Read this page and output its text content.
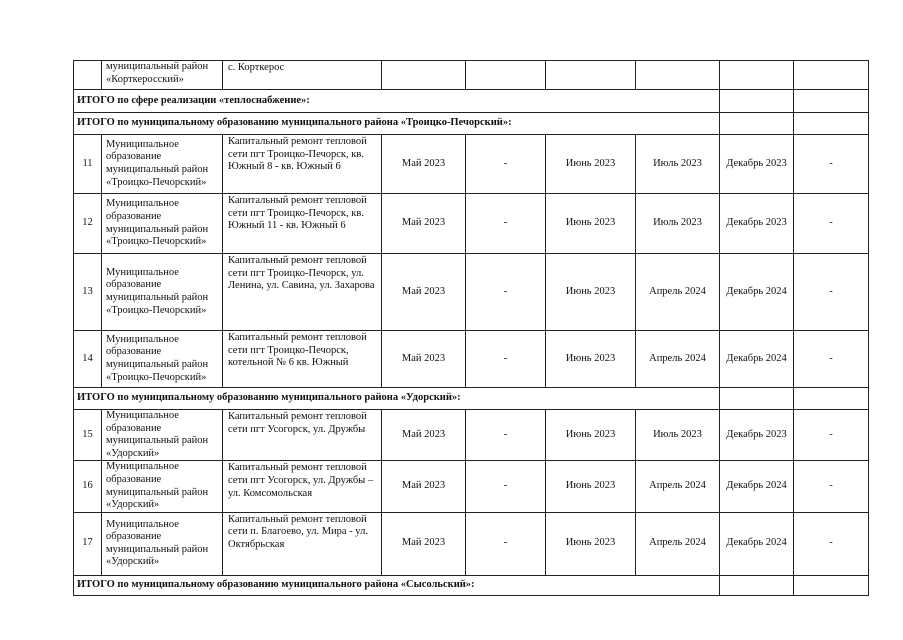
	муниципальный район «Корткеросский»	с. Корткерос						
ИТОГО по сфере реализации «теплоснабжение»:								
ИТОГО по муниципальному образованию муниципального района «Троицко-Печорский»:								
11	Муниципальное образование муниципальный район «Троицко-Печорский»	Капитальный ремонт тепловой сети пгт Троицко-Печорск, кв. Южный 8 - кв. Южный 6	Май 2023	-	Июнь 2023	Июль 2023	Декабрь 2023	-
12	Муниципальное образование муниципальный район «Троицко-Печорский»	Капитальный ремонт тепловой сети пгт Троицко-Печорск, кв. Южный 11 - кв. Южный 6	Май 2023	-	Июнь 2023	Июль 2023	Декабрь 2023	-
13	Муниципальное образование муниципальный район «Троицко-Печорский»	Капитальный ремонт тепловой сети пгт Троицко-Печорск, ул. Ленина, ул. Савина, ул. Захарова	Май 2023	-	Июнь 2023	Апрель 2024	Декабрь 2024	-
14	Муниципальное образование муниципальный район «Троицко-Печорский»	Капитальный ремонт тепловой сети пгт Троицко-Печорск, котельной № 6 кв. Южный	Май 2023	-	Июнь 2023	Апрель 2024	Декабрь 2024	-
ИТОГО по муниципальному образованию муниципального района «Удорский»:								
15	Муниципальное образование муниципальный район «Удорский»	Капитальный ремонт тепловой сети пгт Усогорск, ул. Дружбы	Май 2023	-	Июнь 2023	Июль 2023	Декабрь 2023	-
16	Муниципальное образование муниципальный район «Удорский»	Капитальный ремонт тепловой сети пгт Усогорск, ул. Дружбы – ул. Комсомольская	Май 2023	-	Июнь 2023	Апрель 2024	Декабрь 2024	-
17	Муниципальное образование муниципальный район «Удорский»	Капитальный ремонт тепловой сети п. Благоево, ул. Мира - ул. Октябрьская	Май 2023	-	Июнь 2023	Апрель 2024	Декабрь 2024	-
ИТОГО по муниципальному образованию муниципального района «Сысольский»:								
